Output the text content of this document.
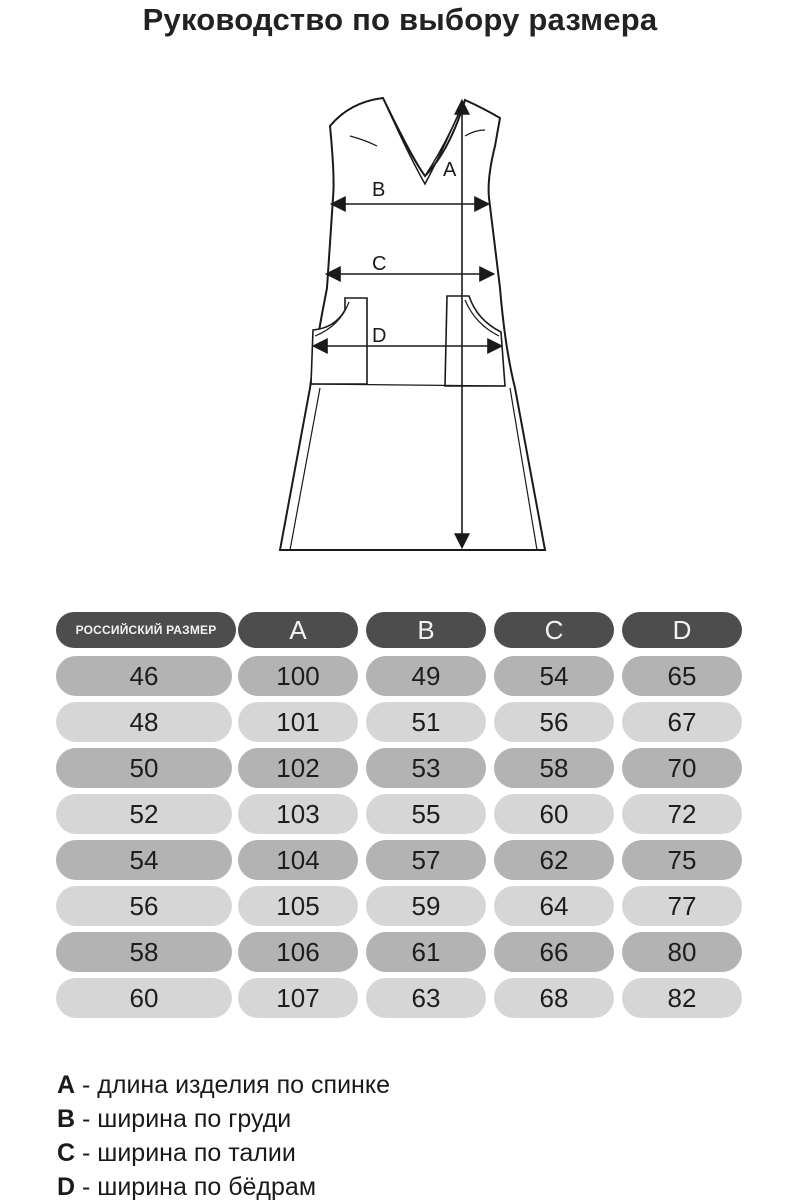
Руководство по выбору размера
A
B
C
D
РОССИЙСКИЙ РАЗМЕР	A	B	C	D
46	100	49	54	65
48	101	51	56	67
50	102	53	58	70
52	103	55	60	72
54	104	57	62	75
56	105	59	64	77
58	106	61	66	80
60	107	63	68	82
A - длина изделия по спинке
B - ширина по груди
C - ширина по талии
D - ширина по бёдрам
